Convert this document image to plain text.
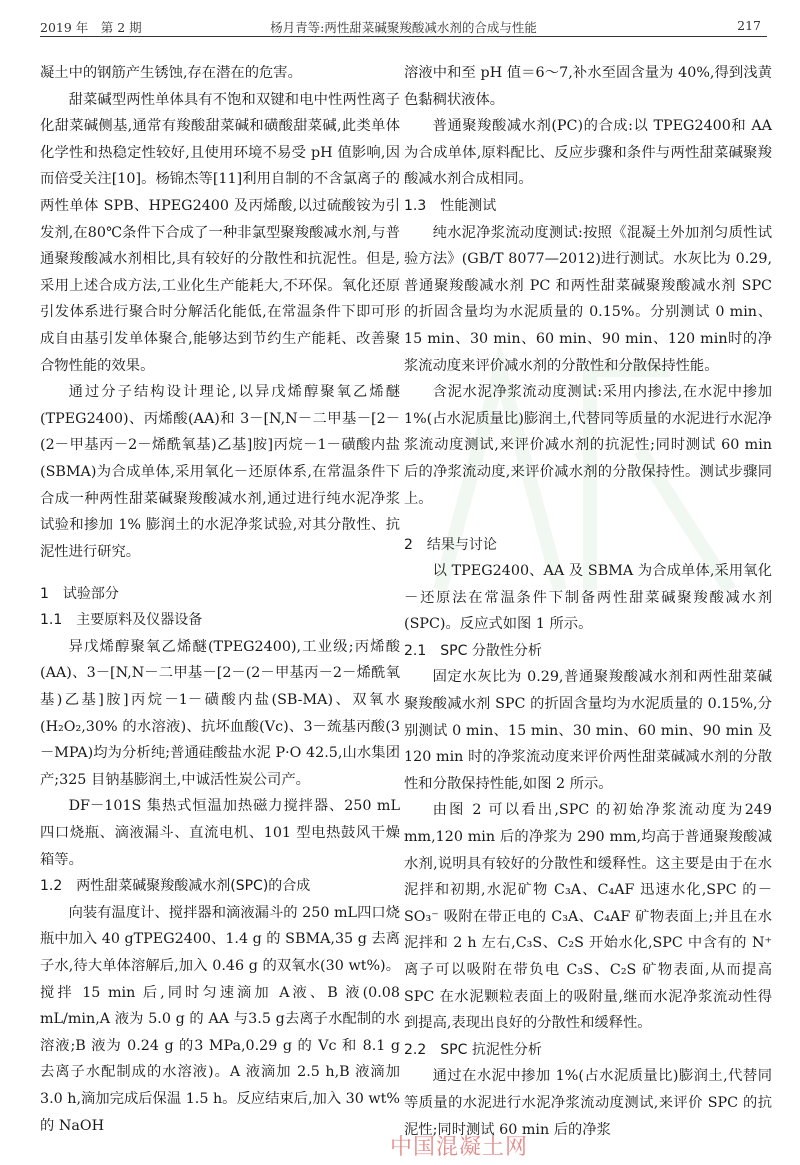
2019 年　第 2 期	杨月青等:两性甜菜碱聚羧酸减水剂的合成与性能	217

凝土中的钢筋产生锈蚀,存在潜在的危害。

甜菜碱型两性单体具有不饱和双键和电中性两性离子化甜菜碱侧基,通常有羧酸甜菜碱和磺酸甜菜碱,此类单体化学性和热稳定性较好,且使用环境不易受 pH 值影响,因而倍受关注[10]。杨锦杰等[11]利用自制的不含氯离子的两性单体 SPB、HPEG2400 及丙烯酸,以过硫酸铵为引发剂,在80℃条件下合成了一种非氯型聚羧酸减水剂,与普通聚羧酸减水剂相比,具有较好的分散性和抗泥性。但是,采用上述合成方法,工业化生产能耗大,不环保。氧化还原引发体系进行聚合时分解活化能低,在常温条件下即可形成自由基引发单体聚合,能够达到节约生产能耗、改善聚合物性能的效果。

通过分子结构设计理论,以异戊烯醇聚氧乙烯醚(TPEG2400)、丙烯酸(AA)和 3－[N,N－二甲基－[2－(2－甲基丙－2－烯酰氧基)乙基]胺]丙烷－1－磺酸内盐(SBMA)为合成单体,采用氧化－还原体系,在常温条件下合成一种两性甜菜碱聚羧酸减水剂,通过进行纯水泥净浆试验和掺加 1% 膨润土的水泥净浆试验,对其分散性、抗泥性进行研究。

1　试验部分
1.1　主要原料及仪器设备

异戊烯醇聚氧乙烯醚(TPEG2400),工业级;丙烯酸(AA)、3－[N,N－二甲基－[2－(2－甲基丙－2－烯酰氧基)乙基]胺]丙烷－1－磺酸内盐(SB-MA)、双氧水(H₂O₂,30% 的水溶液)、抗坏血酸(Vc)、3－巯基丙酸(3－MPA)均为分析纯;普通硅酸盐水泥 P·O 42.5,山水集团产;325 目钠基膨润土,中诚活性炭公司产。

DF－101S 集热式恒温加热磁力搅拌器、250 mL四口烧瓶、滴液漏斗、直流电机、101 型电热鼓风干燥箱等。

1.2　两性甜菜碱聚羧酸减水剂(SPC)的合成

向装有温度计、搅拌器和滴液漏斗的 250 mL四口烧瓶中加入 40 gTPEG2400、1.4 g 的 SBMA,35 g 去离子水,待大单体溶解后,加入 0.46 g 的双氧水(30 wt%)。搅拌 15 min 后,同时匀速滴加 A液、B 液(0.08 mL/min,A 液为 5.0 g 的 AA 与3.5 g去离子水配制的水溶液;B 液为 0.24 g 的3 MPa,0.29 g 的 Vc 和 8.1 g 去离子水配制成的水溶液)。A 液滴加 2.5 h,B 液滴加 3.0 h,滴加完成后保温 1.5 h。反应结束后,加入 30 wt% 的 NaOH

溶液中和至 pH 值＝6～7,补水至固含量为 40%,得到浅黄色黏稠状液体。

普通聚羧酸减水剂(PC)的合成:以 TPEG2400和 AA 为合成单体,原料配比、反应步骤和条件与两性甜菜碱聚羧酸减水剂合成相同。

1.3　性能测试

纯水泥净浆流动度测试:按照《混凝土外加剂匀质性试验方法》(GB/T 8077—2012)进行测试。水灰比为 0.29,普通聚羧酸减水剂 PC 和两性甜菜碱聚羧酸减水剂 SPC 的折固含量均为水泥质量的 0.15%。分别测试 0 min、15 min、30 min、60 min、90 min、120 min时的净浆流动度来评价减水剂的分散性和分散保持性能。

含泥水泥净浆流动度测试:采用内掺法,在水泥中掺加 1%(占水泥质量比)膨润土,代替同等质量的水泥进行水泥净浆流动度测试,来评价减水剂的抗泥性;同时测试 60 min 后的净浆流动度,来评价减水剂的分散保持性。测试步骤同上。

2　结果与讨论

以 TPEG2400、AA 及 SBMA 为合成单体,采用氧化－还原法在常温条件下制备两性甜菜碱聚羧酸减水剂(SPC)。反应式如图 1 所示。

2.1　SPC 分散性分析

固定水灰比为 0.29,普通聚羧酸减水剂和两性甜菜碱聚羧酸减水剂 SPC 的折固含量均为水泥质量的 0.15%,分别测试 0 min、15 min、30 min、60 min、90 min 及 120 min 时的净浆流动度来评价两性甜菜碱减水剂的分散性和分散保持性能,如图 2 所示。

由图 2 可以看出,SPC 的初始净浆流动度为249 mm,120 min 后的净浆为 290 mm,均高于普通聚羧酸减水剂,说明具有较好的分散性和缓释性。这主要是由于在水泥拌和初期,水泥矿物 C₃A、C₄AF 迅速水化,SPC 的－SO₃⁻ 吸附在带正电的 C₃A、C₄AF 矿物表面上;并且在水泥拌和 2 h 左右,C₃S、C₂S 开始水化,SPC 中含有的 N⁺ 离子可以吸附在带负电 C₃S、C₂S 矿物表面,从而提高 SPC 在水泥颗粒表面上的吸附量,继而水泥净浆流动性得到提高,表现出良好的分散性和缓释性。

2.2　SPC 抗泥性分析

通过在水泥中掺加 1%(占水泥质量比)膨润土,代替同等质量的水泥进行水泥净浆流动度测试,来评价 SPC 的抗泥性;同时测试 60 min 后的净浆

中国混凝土网
